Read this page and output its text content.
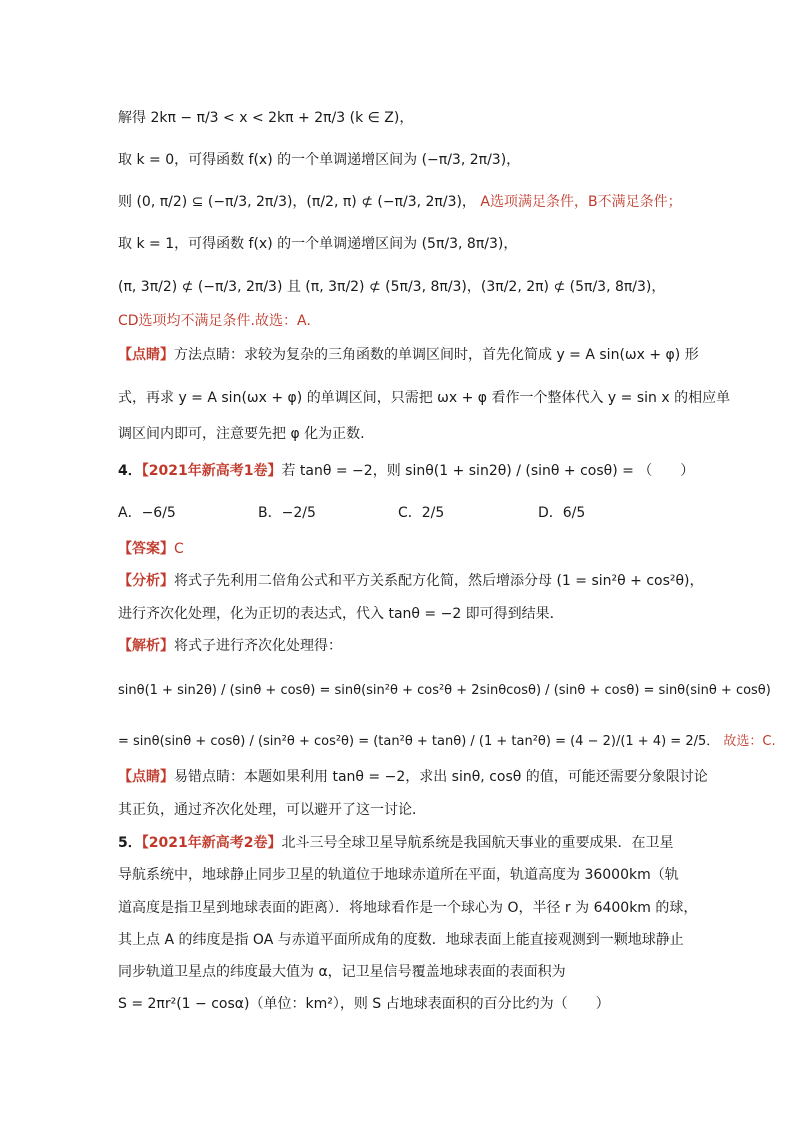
解得 2kπ − π/3 < x < 2kπ + 2π/3 (k ∈ Z)，
取 k = 0，可得函数 f(x) 的一个单调递增区间为 (−π/3, 2π/3)，
则 (0, π/2) ⊆ (−π/3, 2π/3)，(π/2, π) ⊄ (−π/3, 2π/3)， A选项满足条件，B不满足条件；
取 k = 1，可得函数 f(x) 的一个单调递增区间为 (5π/3, 8π/3)，
(π, 3π/2) ⊄ (−π/3, 2π/3) 且 (π, 3π/2) ⊄ (5π/3, 8π/3)，(3π/2, 2π) ⊄ (5π/3, 8π/3)，
CD选项均不满足条件.故选：A.
【点睛】方法点睛：求较为复杂的三角函数的单调区间时，首先化简成 y = A sin(ωx + φ) 形
式，再求 y = A sin(ωx + φ) 的单调区间，只需把 ωx + φ 看作一个整体代入 y = sin x 的相应单
调区间内即可，注意要先把 φ 化为正数.
4．【2021年新高考1卷】若 tanθ = −2，则 sinθ(1 + sin2θ) / (sinθ + cosθ) = （　　）
A．−6/5	B．−2/5	C．2/5	D．6/5
【答案】C
【分析】将式子先利用二倍角公式和平方关系配方化简，然后增添分母 (1 = sin²θ + cos²θ)，
进行齐次化处理，化为正切的表达式，代入 tanθ = −2 即可得到结果．
【解析】将式子进行齐次化处理得：
sinθ(1 + sin2θ) / (sinθ + cosθ) = sinθ(sin²θ + cos²θ + 2sinθcosθ) / (sinθ + cosθ) = sinθ(sinθ + cosθ)
= sinθ(sinθ + cosθ) / (sin²θ + cos²θ) = (tan²θ + tanθ) / (1 + tan²θ) = (4 − 2)/(1 + 4) = 2/5． 故选：C.
【点睛】易错点睛：本题如果利用 tanθ = −2，求出 sinθ, cosθ 的值，可能还需要分象限讨论
其正负，通过齐次化处理，可以避开了这一讨论．
5．【2021年新高考2卷】北斗三号全球卫星导航系统是我国航天事业的重要成果．在卫星
导航系统中，地球静止同步卫星的轨道位于地球赤道所在平面，轨道高度为 36000km（轨
道高度是指卫星到地球表面的距离）．将地球看作是一个球心为 O，半径 r 为 6400km 的球，
其上点 A 的纬度是指 OA 与赤道平面所成角的度数．地球表面上能直接观测到一颗地球静止
同步轨道卫星点的纬度最大值为 α，记卫星信号覆盖地球表面的表面积为
S = 2πr²(1 − cosα)（单位：km²），则 S 占地球表面积的百分比约为（　　）
